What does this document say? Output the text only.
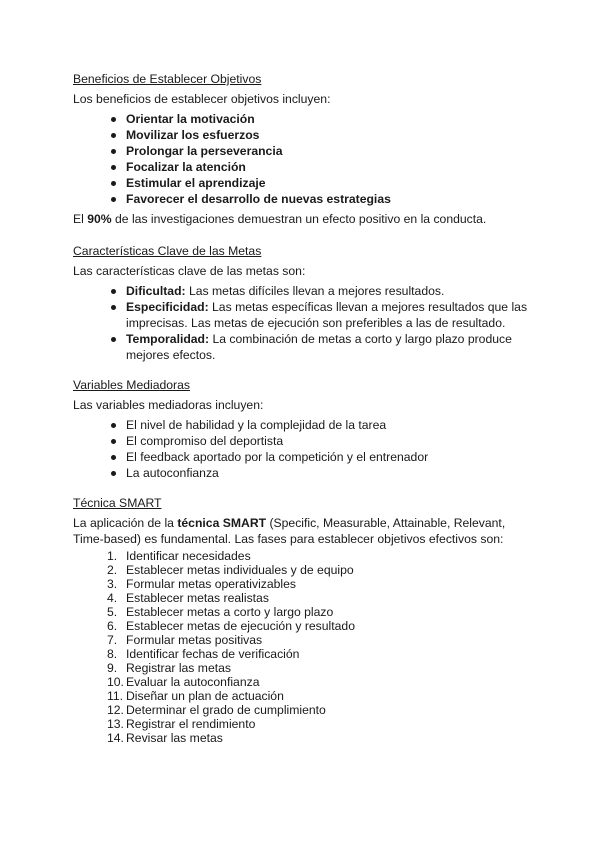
Beneficios de Establecer Objetivos

Los beneficios de establecer objetivos incluyen:

Orientar la motivación
Movilizar los esfuerzos
Prolongar la perseverancia
Focalizar la atención
Estimular el aprendizaje
Favorecer el desarrollo de nuevas estrategias

El 90% de las investigaciones demuestran un efecto positivo en la conducta.

Características Clave de las Metas

Las características clave de las metas son:

Dificultad: Las metas difíciles llevan a mejores resultados.
Especificidad: Las metas específicas llevan a mejores resultados que las imprecisas. Las metas de ejecución son preferibles a las de resultado.
Temporalidad: La combinación de metas a corto y largo plazo produce mejores efectos.
Variables Mediadoras

Las variables mediadoras incluyen:

El nivel de habilidad y la complejidad de la tarea
El compromiso del deportista
El feedback aportado por la competición y el entrenador
La autoconfianza
Técnica SMART

La aplicación de la técnica SMART (Specific, Measurable, Attainable, Relevant, Time-based) es fundamental. Las fases para establecer objetivos efectivos son:

1. Identificar necesidades
2. Establecer metas individuales y de equipo
3. Formular metas operativizables
4. Establecer metas realistas
5. Establecer metas a corto y largo plazo
6. Establecer metas de ejecución y resultado
7. Formular metas positivas
8. Identificar fechas de verificación
9. Registrar las metas
10. Evaluar la autoconfianza
11. Diseñar un plan de actuación
12. Determinar el grado de cumplimiento
13. Registrar el rendimiento
14. Revisar las metas
